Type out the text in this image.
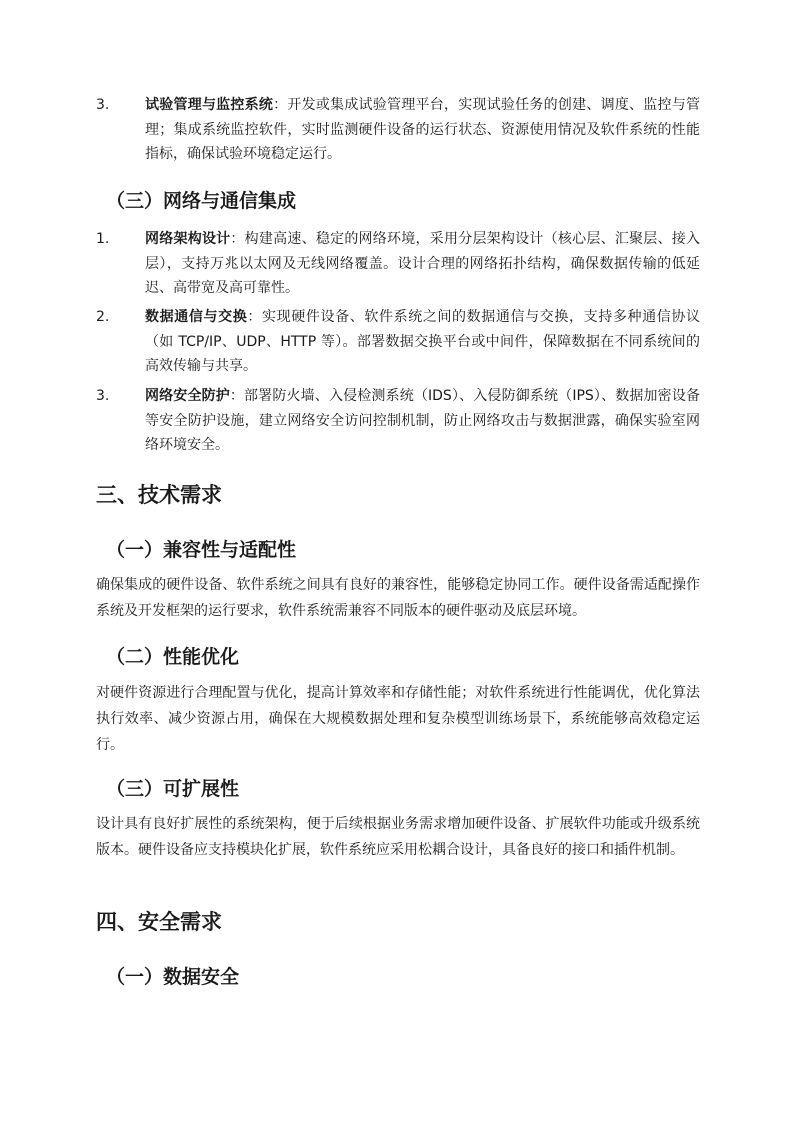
3.	试验管理与监控系统：开发或集成试验管理平台，实现试验任务的创建、调度、监控与管理；集成系统监控软件，实时监测硬件设备的运行状态、资源使用情况及软件系统的性能指标，确保试验环境稳定运行。
（三）网络与通信集成
1.	网络架构设计：构建高速、稳定的网络环境，采用分层架构设计（核心层、汇聚层、接入层），支持万兆以太网及无线网络覆盖。设计合理的网络拓扑结构，确保数据传输的低延迟、高带宽及高可靠性。
2.	数据通信与交换：实现硬件设备、软件系统之间的数据通信与交换，支持多种通信协议（如 TCP/IP、UDP、HTTP 等）。部署数据交换平台或中间件，保障数据在不同系统间的高效传输与共享。
3.	网络安全防护：部署防火墙、入侵检测系统（IDS）、入侵防御系统（IPS）、数据加密设备等安全防护设施，建立网络安全访问控制机制，防止网络攻击与数据泄露，确保实验室网络环境安全。
三、技术需求
（一）兼容性与适配性
确保集成的硬件设备、软件系统之间具有良好的兼容性，能够稳定协同工作。硬件设备需适配操作系统及开发框架的运行要求，软件系统需兼容不同版本的硬件驱动及底层环境。
（二）性能优化
对硬件资源进行合理配置与优化，提高计算效率和存储性能；对软件系统进行性能调优，优化算法执行效率、减少资源占用，确保在大规模数据处理和复杂模型训练场景下，系统能够高效稳定运行。
（三）可扩展性
设计具有良好扩展性的系统架构，便于后续根据业务需求增加硬件设备、扩展软件功能或升级系统版本。硬件设备应支持模块化扩展，软件系统应采用松耦合设计，具备良好的接口和插件机制。
四、安全需求
（一）数据安全
